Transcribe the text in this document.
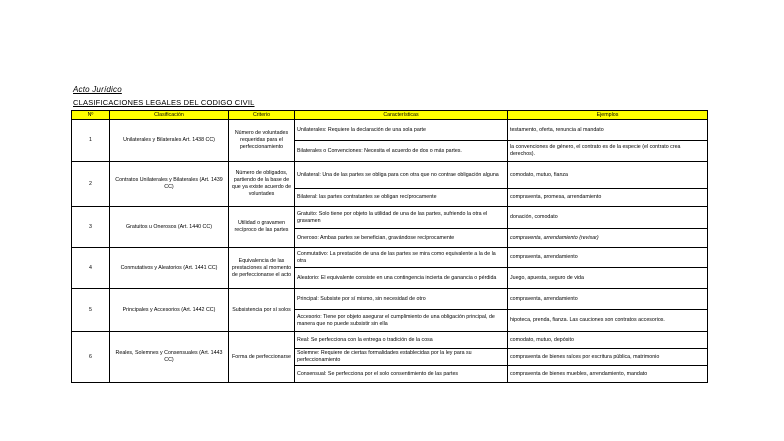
Acto Jurídico
CLASIFICACIONES LEGALES DEL CODIGO CIVIL
Nº	Clasificación	Criterio	Características	Ejemplos
1	Unilaterales y Bilaterales Art. 1438 CC)	Número de voluntades requeridas para el perfeccionamiento	Unilaterales: Requiere la declaración de una sola parte	testamento, oferta, renuncia al mandato
			Bilaterales o Convenciones: Necesita el acuerdo de dos o más partes.	la convenciones de género, el contrato es de la especie (el contrato crea derechos).
2	Contratos Unilaterales y Bilaterales (Art. 1439 CC)	Número de obligados, partiendo de la base de que ya existe acuerdo de voluntades	Unilateral: Una de las partes se obliga para con otra que no contrae obligación alguna	comodato, mutuo, fianza
			Bilateral: las partes contratantes se obligan recíprocamente	compraventa, promesa, arrendamiento
3	Gratuitos u Onerosos (Art. 1440 CC)	Utilidad o gravamen recíproco de las partes	Gratuito: Solo tiene por objeto la utilidad de una de las partes, sufriendo la otra el gravamen	donación, comodato
			Oneroso: Ambas partes se benefician, gravándose recíprocamente	compraventa, arrendamiento (revisar)
4	Conmutativos y Aleatorios (Art. 1441 CC)	Equivalencia de las prestaciones al momento de perfeccionarse el acto	Conmutativo: La prestación de una de las partes se mira como equivalente a la de la otra	compraventa, arrendamiento
			Aleatorio: El equivalente consiste en una contingencia incierta de ganancia o pérdida	Juego, apuesta, seguro de vida
5	Principales y Accesorios (Art. 1442 CC)	Subsistencia por sí solos	Principal: Subsiste por sí mismo, sin necesidad de otro	compraventa, arrendamiento
			Accesorio: Tiene por objeto asegurar el cumplimiento de una obligación principal, de manera que no puede subsistir sin ella	hipoteca, prenda, fianza. Las cauciones son contratos accesorios.
6	Reales, Solemnes y Consensuales (Art. 1443 CC)	Forma de perfeccionarse	Real: Se perfecciona con la entrega o tradición de la cosa	comodato, mutuo, depósito
			Solemne: Requiere de ciertas formalidades establecidas por la ley para su perfeccionamiento	compraventa de bienes raíces por escritura pública, matrimonio
			Consensual: Se perfecciona por el solo consentimiento de las partes	compraventa de bienes muebles, arrendamiento, mandato
